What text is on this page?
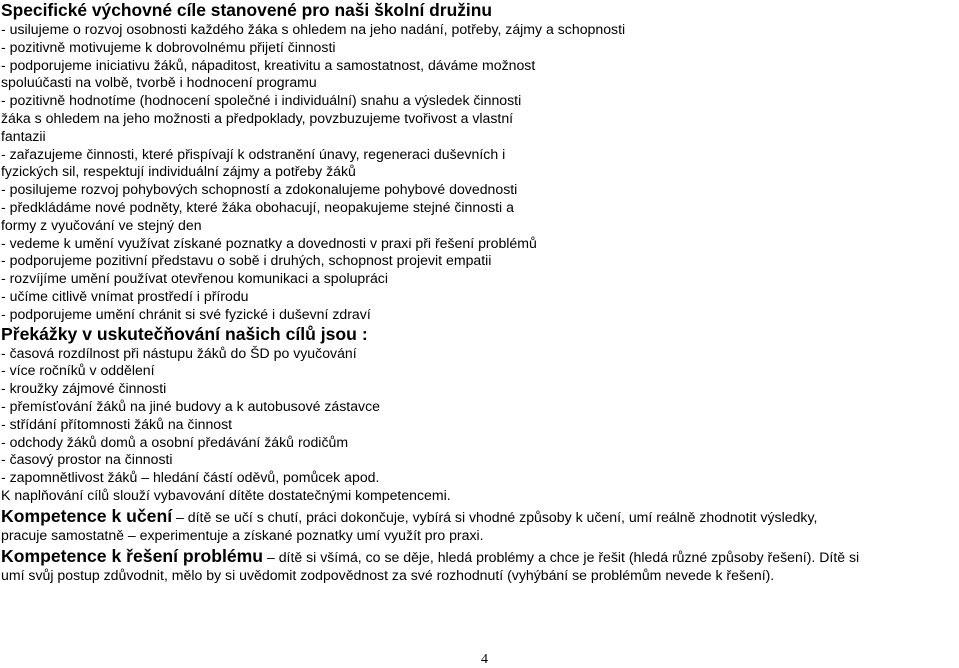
Specifické výchovné cíle stanovené pro naši školní družinu
- usilujeme o rozvoj osobnosti každého žáka s ohledem na jeho nadání, potřeby, zájmy a schopnosti
- pozitivně motivujeme k dobrovolnému přijetí činnosti
- podporujeme iniciativu žáků, nápaditost, kreativitu a samostatnost, dáváme možnost
spoluúčasti na volbě, tvorbě i hodnocení programu
- pozitivně hodnotíme (hodnocení společné i individuální) snahu a výsledek činnosti
žáka s ohledem na jeho možnosti a předpoklady, povzbuzujeme tvořivost a vlastní
fantazii
- zařazujeme činnosti, které přispívají k odstranění únavy, regeneraci duševních i
fyzických sil, respektují individuální zájmy a potřeby žáků
- posilujeme rozvoj pohybových schopností a zdokonalujeme pohybové dovednosti
- předkládáme nové podněty, které žáka obohacují, neopakujeme stejné činnosti a
formy z vyučování ve stejný den
- vedeme k umění využívat získané poznatky a dovednosti v praxi při řešení problémů
- podporujeme pozitivní představu o sobě i druhých, schopnost projevit empatii
- rozvíjíme umění používat otevřenou komunikaci a spolupráci
- učíme citlivě vnímat prostředí i přírodu
- podporujeme umění chránit si své fyzické i duševní zdraví
Překážky v uskutečňování našich cílů jsou :
- časová rozdílnost při nástupu žáků do ŠD po vyučování
- více ročníků v oddělení
- kroužky zájmové činnosti
- přemísťování žáků na jiné budovy a k autobusové zástavce
- střídání přítomnosti žáků na činnost
- odchody žáků domů a osobní předávání žáků rodičům
- časový prostor na činnosti
- zapomnětlivost žáků – hledání částí oděvů, pomůcek apod.
K naplňování cílů slouží vybavování dítěte dostatečnými kompetencemi.
Kompetence k učení – dítě se učí s chutí, práci dokončuje, vybírá si vhodné způsoby k učení, umí reálně zhodnotit výsledky,
pracuje samostatně – experimentuje a získané poznatky umí využít pro praxi.
Kompetence k řešení problému – dítě si všímá, co se děje, hledá problémy a chce je řešit (hledá různé způsoby řešení). Dítě si
umí svůj postup zdůvodnit, mělo by si uvědomit zodpovědnost za své rozhodnutí (vyhýbání se problémům nevede k řešení).
4
